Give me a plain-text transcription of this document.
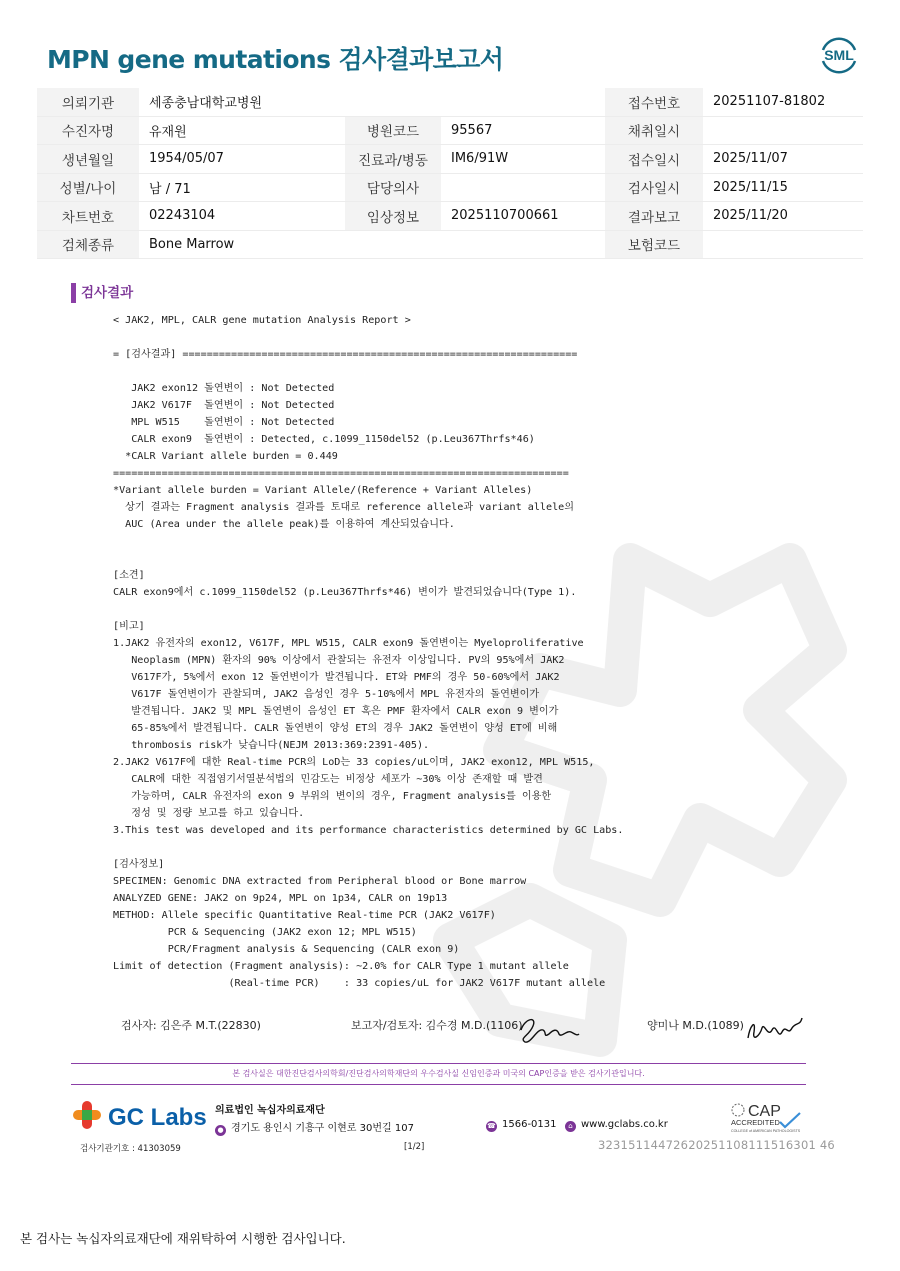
MPN gene mutations 검사결과보고서	SML
의뢰기관	세종충남대학교병원			접수번호	20251107-81802
수진자명	유재원	병원코드	95567	채취일시	
생년월일	1954/05/07	진료과/병동	IM6/91W	접수일시	2025/11/07
성별/나이	남 / 71	담당의사		검사일시	2025/11/15
차트번호	02243104	임상정보	2025110700661	결과보고	2025/11/20
검체종류	Bone Marrow			보험코드	
검사결과
< JAK2, MPL, CALR gene mutation Analysis Report >
= [검사결과] =================================================================
JAK2 exon12 돌연변이 : Not Detected
JAK2 V617F  돌연변이 : Not Detected
MPL W515    돌연변이 : Not Detected
CALR exon9  돌연변이 : Detected, c.1099_1150del52 (p.Leu367Thrfs*46)
*CALR Variant allele burden = 0.449
===========================================================================
*Variant allele burden = Variant Allele/(Reference + Variant Alleles)
상기 결과는 Fragment analysis 결과를 토대로 reference allele과 variant allele의
AUC (Area under the allele peak)를 이용하여 계산되었습니다.
[소견]
CALR exon9에서 c.1099_1150del52 (p.Leu367Thrfs*46) 변이가 발견되었습니다(Type 1).
[비고]
1.JAK2 유전자의 exon12, V617F, MPL W515, CALR exon9 돌연변이는 Myeloproliferative
Neoplasm (MPN) 환자의 90% 이상에서 관찰되는 유전자 이상입니다. PV의 95%에서 JAK2
V617F가, 5%에서 exon 12 돌연변이가 발견됩니다. ET와 PMF의 경우 50-60%에서 JAK2
V617F 돌연변이가 관찰되며, JAK2 음성인 경우 5-10%에서 MPL 유전자의 돌연변이가
발견됩니다. JAK2 및 MPL 돌연변이 음성인 ET 혹은 PMF 환자에서 CALR exon 9 변이가
65-85%에서 발견됩니다. CALR 돌연변이 양성 ET의 경우 JAK2 돌연변이 양성 ET에 비해
thrombosis risk가 낮습니다(NEJM 2013:369:2391-405).
2.JAK2 V617F에 대한 Real-time PCR의 LoD는 33 copies/uL이며, JAK2 exon12, MPL W515,
CALR에 대한 직접염기서열분석법의 민감도는 비정상 세포가 ~30% 이상 존재할 때 발견
가능하며, CALR 유전자의 exon 9 부위의 변이의 경우, Fragment analysis를 이용한
정성 및 정량 보고를 하고 있습니다.
3.This test was developed and its performance characteristics determined by GC Labs.
[검사정보]
SPECIMEN: Genomic DNA extracted from Peripheral blood or Bone marrow
ANALYZED GENE: JAK2 on 9p24, MPL on 1p34, CALR on 19p13
METHOD: Allele specific Quantitative Real-time PCR (JAK2 V617F)
PCR & Sequencing (JAK2 exon 12; MPL W515)
PCR/Fragment analysis & Sequencing (CALR exon 9)
Limit of detection (Fragment analysis): ~2.0% for CALR Type 1 mutant allele
(Real-time PCR)    : 33 copies/uL for JAK2 V617F mutant allele
검사자: 김은주 M.T.(22830)	보고자/검토자: 김수경 M.D.(1106)	양미나 M.D.(1089)
본 검사실은 대한진단검사의학회/진단검사의학재단의 우수검사실 신임인증과 미국의 CAP인증을 받은 검사기관입니다.
GC Labs 의료법인 녹십자의료재단
● 경기도 용인시 기흥구 이현로 30번길 107	☎ 1566-0131	⌂ www.gclabs.co.kr
CAP
ACCREDITED
COLLEGE of AMERICAN PATHOLOGISTS
검사기관기호 : 41303059	[1/2]	32315114472620251108111516301 46
본 검사는 녹십자의료재단에 재위탁하여 시행한 검사입니다.
